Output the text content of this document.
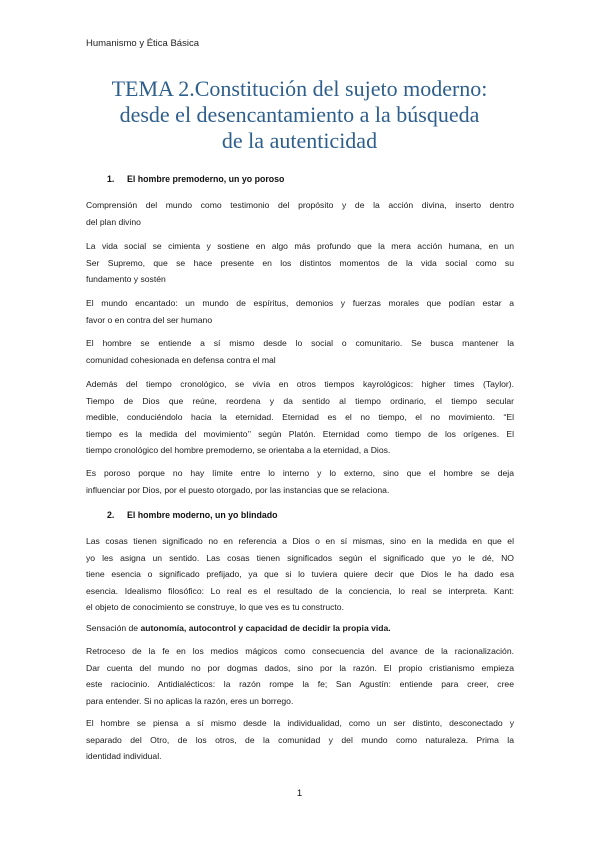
Humanismo y Ética Básica
TEMA 2.Constitución del sujeto moderno:
desde el desencantamiento a la búsqueda
de la autenticidad
1. El hombre premoderno, un yo poroso
Comprensión del mundo como testimonio del propósito y de la acción divina, inserto dentro
del plan divino
La vida social se cimienta y sostiene en algo más profundo que la mera acción humana, en un
Ser Supremo, que se hace presente en los distintos momentos de la vida social como su
fundamento y sostén
El mundo encantado: un mundo de espíritus, demonios y fuerzas morales que podían estar a
favor o en contra del ser humano
El hombre se entiende a sí mismo desde lo social o comunitario. Se busca mantener la
comunidad cohesionada en defensa contra el mal
Además del tiempo cronológico, se vivía en otros tiempos kayrológicos: higher times (Taylor).
Tiempo de Dios que reúne, reordena y da sentido al tiempo ordinario, el tiempo secular
medible, conduciéndolo hacia la eternidad. Eternidad es el no tiempo, el no movimiento. “El
tiempo es la medida del movimiento’’ según Platón. Eternidad como tiempo de los orígenes. El
tiempo cronológico del hombre premoderno, se orientaba a la eternidad, a Dios.
Es poroso porque no hay límite entre lo interno y lo externo, sino que el hombre se deja
influenciar por Dios, por el puesto otorgado, por las instancias que se relaciona.
2. El hombre moderno, un yo blindado
Las cosas tienen significado no en referencia a Dios o en sí mismas, sino en la medida en que el
yo les asigna un sentido. Las cosas tienen significados según el significado que yo le dé, NO
tiene esencia o significado prefijado, ya que si lo tuviera quiere decir que Dios le ha dado esa
esencia. Idealismo filosófico: Lo real es el resultado de la conciencia, lo real se interpreta. Kant:
el objeto de conocimiento se construye, lo que ves es tu constructo.
Sensación de autonomía, autocontrol y capacidad de decidir la propia vida.
Retroceso de la fe en los medios mágicos como consecuencia del avance de la racionalización.
Dar cuenta del mundo no por dogmas dados, sino por la razón. El propio cristianismo empieza
este raciocinio. Antidialécticos: la razón rompe la fe; San Agustín: entiende para creer, cree
para entender. Si no aplicas la razón, eres un borrego.
El hombre se piensa a sí mismo desde la individualidad, como un ser distinto, desconectado y
separado del Otro, de los otros, de la comunidad y del mundo como naturaleza. Prima la
identidad individual.
1
